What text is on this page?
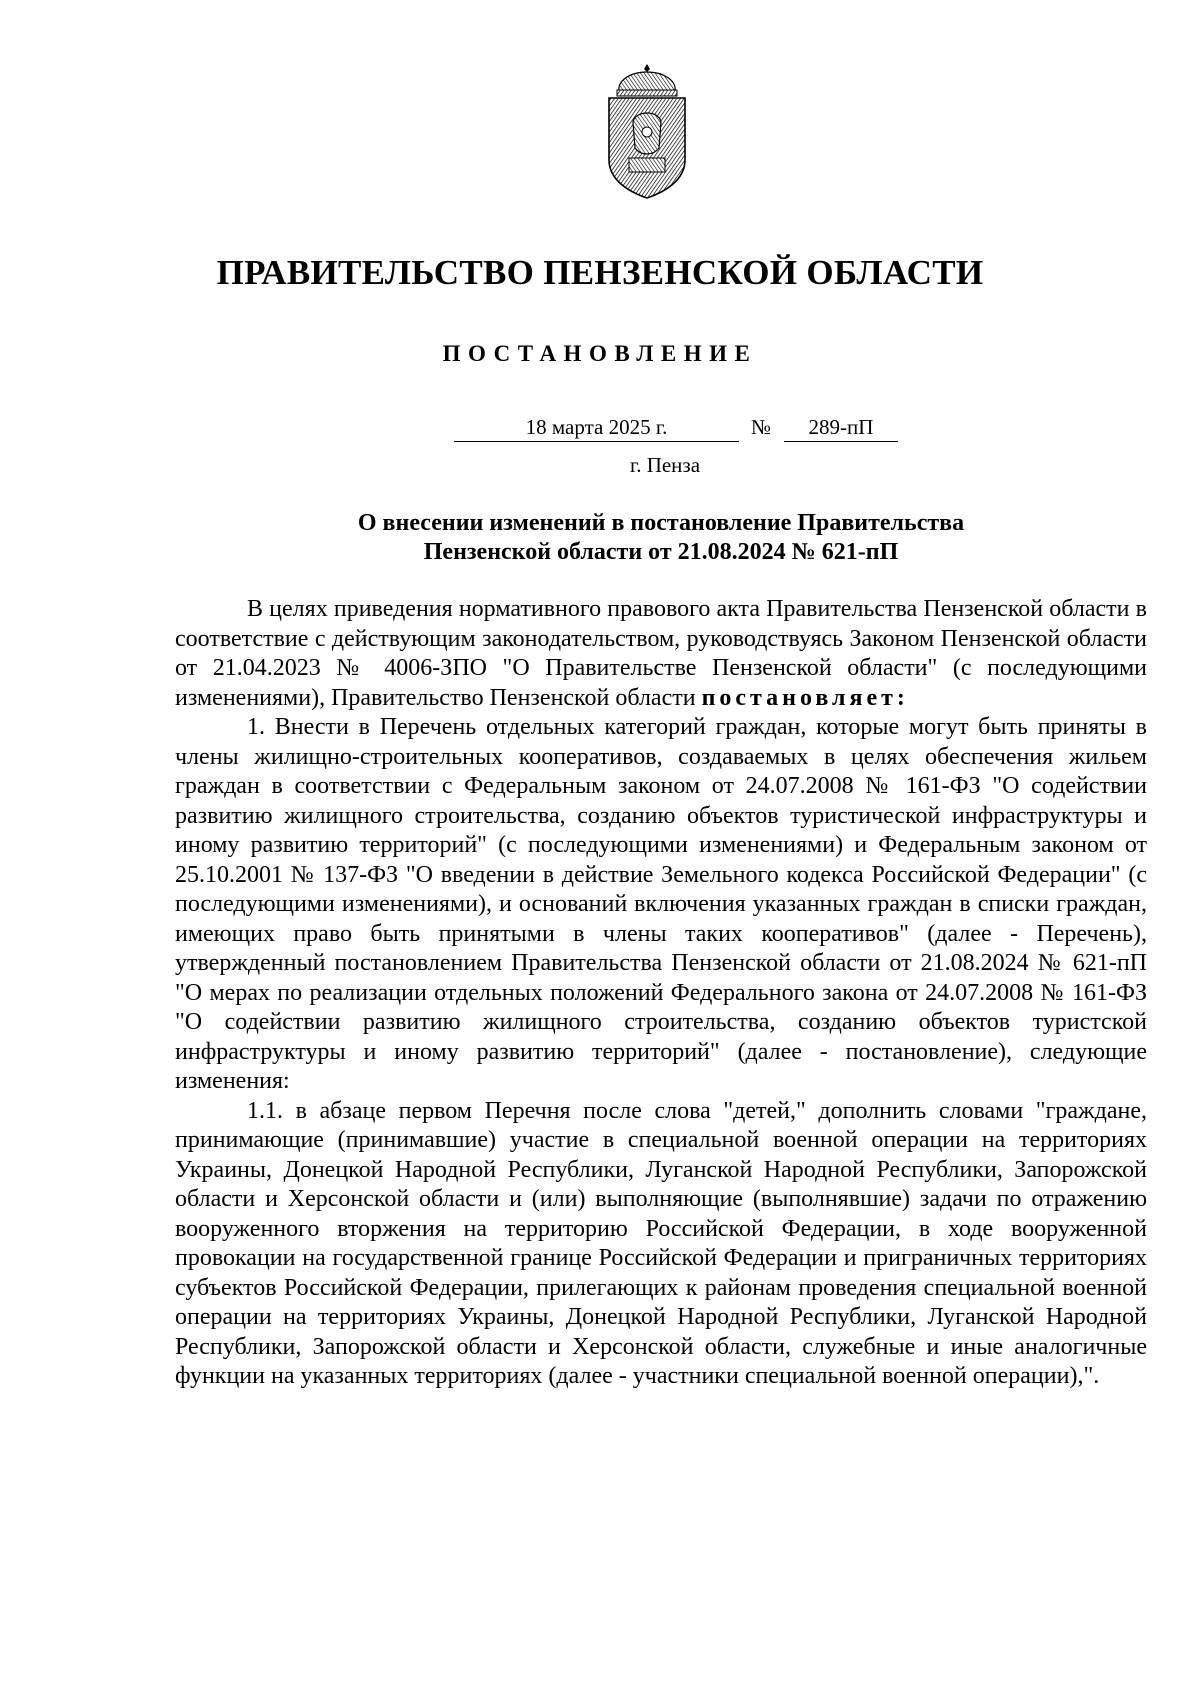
ПРАВИТЕЛЬСТВО ПЕНЗЕНСКОЙ ОБЛАСТИ
ПОСТАНОВЛЕНИЕ
18 марта 2025 г.	№	289-пП
г. Пенза
О внесении изменений в постановление Правительства
Пензенской области от 21.08.2024 № 621-пП

В целях приведения нормативного правового акта Правительства Пензенской области в соответствие с действующим законодательством, руководствуясь Законом Пензенской области от 21.04.2023 № 4006-ЗПО "О Правительстве Пензенской области" (с последующими изменениями), Правительство Пензенской области постановляет:

1. Внести в Перечень отдельных категорий граждан, которые могут быть приняты в члены жилищно-строительных кооперативов, создаваемых в целях обеспечения жильем граждан в соответствии с Федеральным законом от 24.07.2008 № 161-ФЗ "О содействии развитию жилищного строительства, созданию объектов туристической инфраструктуры и иному развитию территорий" (с последующими изменениями) и Федеральным законом от 25.10.2001 № 137-ФЗ "О введении в действие Земельного кодекса Российской Федерации" (с последующими изменениями), и оснований включения указанных граждан в списки граждан, имеющих право быть принятыми в члены таких кооперативов" (далее - Перечень), утвержденный постановлением Правительства Пензенской области от 21.08.2024 № 621-пП "О мерах по реализации отдельных положений Федерального закона от 24.07.2008 № 161-ФЗ "О содействии развитию жилищного строительства, созданию объектов туристской инфраструктуры и иному развитию территорий" (далее - постановление), следующие изменения:

1.1. в абзаце первом Перечня после слова "детей," дополнить словами "граждане, принимающие (принимавшие) участие в специальной военной операции на территориях Украины, Донецкой Народной Республики, Луганской Народной Республики, Запорожской области и Херсонской области и (или) выполняющие (выполнявшие) задачи по отражению вооруженного вторжения на территорию Российской Федерации, в ходе вооруженной провокации на государственной границе Российской Федерации и приграничных территориях субъектов Российской Федерации, прилегающих к районам проведения специальной военной операции на территориях Украины, Донецкой Народной Республики, Луганской Народной Республики, Запорожской области и Херсонской области, служебные и иные аналогичные функции на указанных территориях (далее - участники специальной военной операции),".
